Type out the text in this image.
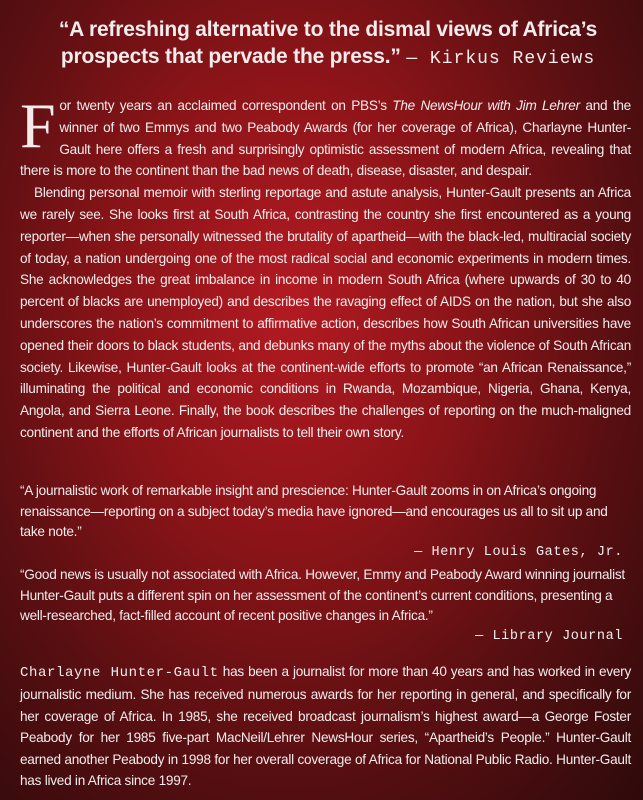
“A refreshing alternative to the dismal views of Africa’s prospects that pervade the press.” — Kirkus Reviews

For twenty years an acclaimed correspondent on PBS’s The NewsHour with Jim Lehrer and the winner of two Emmys and two Peabody Awards (for her coverage of Africa), Charlayne Hunter-Gault here offers a fresh and surprisingly optimistic assessment of modern Africa, revealing that there is more to the continent than the bad news of death, disease, disaster, and despair.

Blending personal memoir with sterling reportage and astute analysis, Hunter-Gault presents an Africa we rarely see. She looks first at South Africa, contrasting the country she first encountered as a young reporter—when she personally witnessed the brutality of apartheid—with the black-led, multiracial society of today, a nation undergoing one of the most radical social and economic experiments in modern times. She acknowledges the great imbalance in income in modern South Africa (where upwards of 30 to 40 percent of blacks are unemployed) and describes the ravaging effect of AIDS on the nation, but she also underscores the nation’s commitment to affirmative action, describes how South African universities have opened their doors to black students, and debunks many of the myths about the violence of South African society. Likewise, Hunter-Gault looks at the continent-wide efforts to promote “an African Renaissance,” illuminating the political and economic conditions in Rwanda, Mozambique, Nigeria, Ghana, Kenya, Angola, and Sierra Leone. Finally, the book describes the challenges of reporting on the much-maligned continent and the efforts of African journalists to tell their own story.

“A journalistic work of remarkable insight and prescience: Hunter-Gault zooms in on Africa’s ongoing renaissance—reporting on a subject today’s media have ignored—and encourages us all to sit up and take note.”

— Henry Louis Gates, Jr.

“Good news is usually not associated with Africa. However, Emmy and Peabody Award winning journalist Hunter-Gault puts a different spin on her assessment of the continent’s current conditions, presenting a well-researched, fact-filled account of recent positive changes in Africa.”

— Library Journal

Charlayne Hunter-Gault has been a journalist for more than 40 years and has worked in every journalistic medium. She has received numerous awards for her reporting in general, and specifically for her coverage of Africa. In 1985, she received broadcast journalism’s highest award—a George Foster Peabody for her 1985 five-part MacNeil/Lehrer NewsHour series, “Apartheid’s People.” Hunter-Gault earned another Peabody in 1998 for her overall coverage of Africa for National Public Radio. Hunter-Gault has lived in Africa since 1997.
